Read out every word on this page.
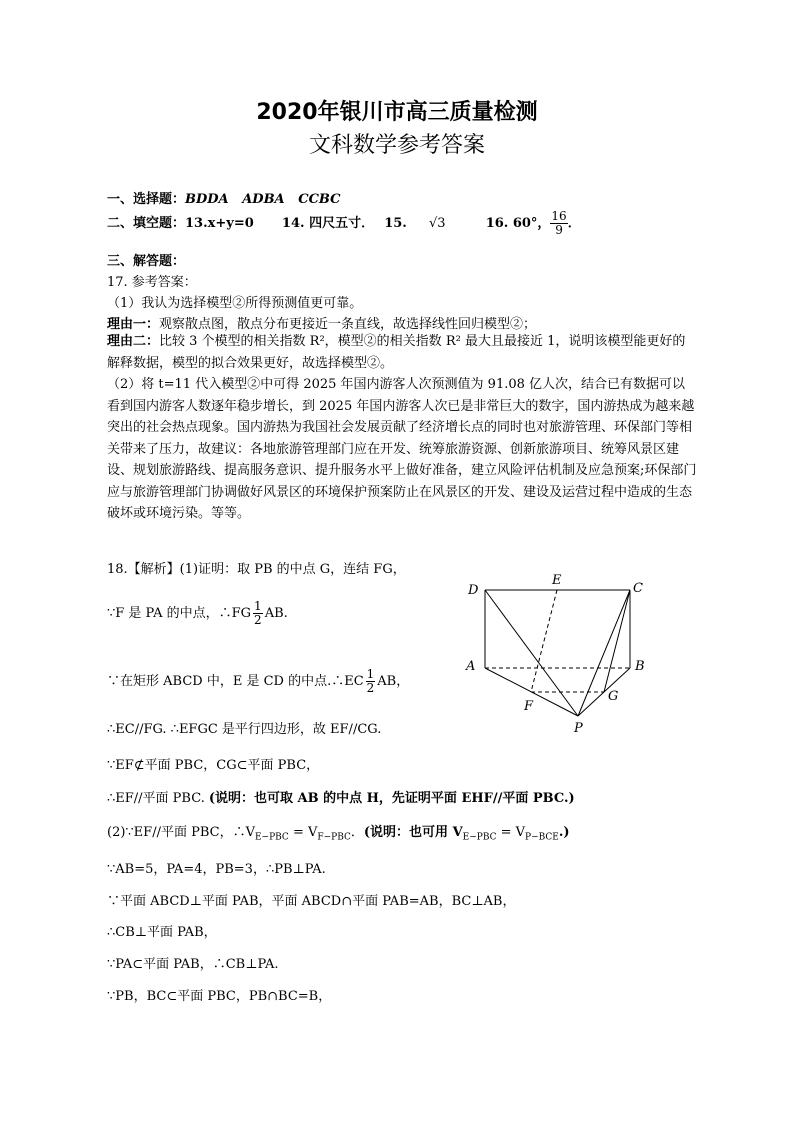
2020年银川市高三质量检测
文科数学参考答案
一、选择题：BDDA   ADBA   CCBC
二、填空题：13.x+y=0 14. 四尺五寸． 15. √3	16. 60°， $\frac{16}{9}$ ．
三、解答题：
17. 参考答案：
（1）我认为选择模型②所得预测值更可靠。
理由一：观察散点图，散点分布更接近一条直线，故选择线性回归模型②；
理由二：比较 3 个模型的相关指数 R²，模型②的相关指数 R² 最大且最接近 1，说明该模型能更好的解释数据，模型的拟合效果更好，故选择模型②。
（2）将 t=11 代入模型②中可得 2025 年国内游客人次预测值为 91.08 亿人次，结合已有数据可以看到国内游客人数逐年稳步增长，到 2025 年国内游客人次已是非常巨大的数字，国内游热成为越来越突出的社会热点现象。国内游热为我国社会发展贡献了经济增长点的同时也对旅游管理、环保部门等相关带来了压力，故建议：各地旅游管理部门应在开发、统筹旅游资源、创新旅游项目、统筹风景区建设、规划旅游路线、提高服务意识、提升服务水平上做好准备，建立风险评估机制及应急预案;环保部门应与旅游管理部门协调做好风景区的环境保护预案防止在风景区的开发、建设及运营过程中造成的生态破坏或环境污染。等等。
18.【解析】(1)证明：取 PB 的中点 G，连结 FG，
∵F 是 PA 的中点，∴FG $\frac{1}{2}$ AB.
∵在矩形 ABCD 中，E 是 CD 的中点.∴EC $\frac{1}{2}$ AB，
∴EC//FG. ∴EFGC 是平行四边形，故 EF//CG.
∵EF⊄平面 PBC，CG⊂平面 PBC，
∴EF//平面 PBC. (说明：也可取 AB 的中点 H，先证明平面 EHF//平面 PBC.)
(2)∵EF//平面 PBC，$\therefore V_{E-PBC} = V_{F-PBC}$．(说明：也可用 $V_{E-PBC} = V_{P-BCE}$.)
∵AB=5，PA=4，PB=3，∴PB⊥PA.
∵平面 ABCD⊥平面 PAB，平面 ABCD∩平面 PAB=AB，BC⊥AB，
∴CB⊥平面 PAB，
∵PA⊂平面 PAB，∴CB⊥PA.
∵PB，BC⊂平面 PBC，PB∩BC=B，
D
E
C
A	B
F
G
P
